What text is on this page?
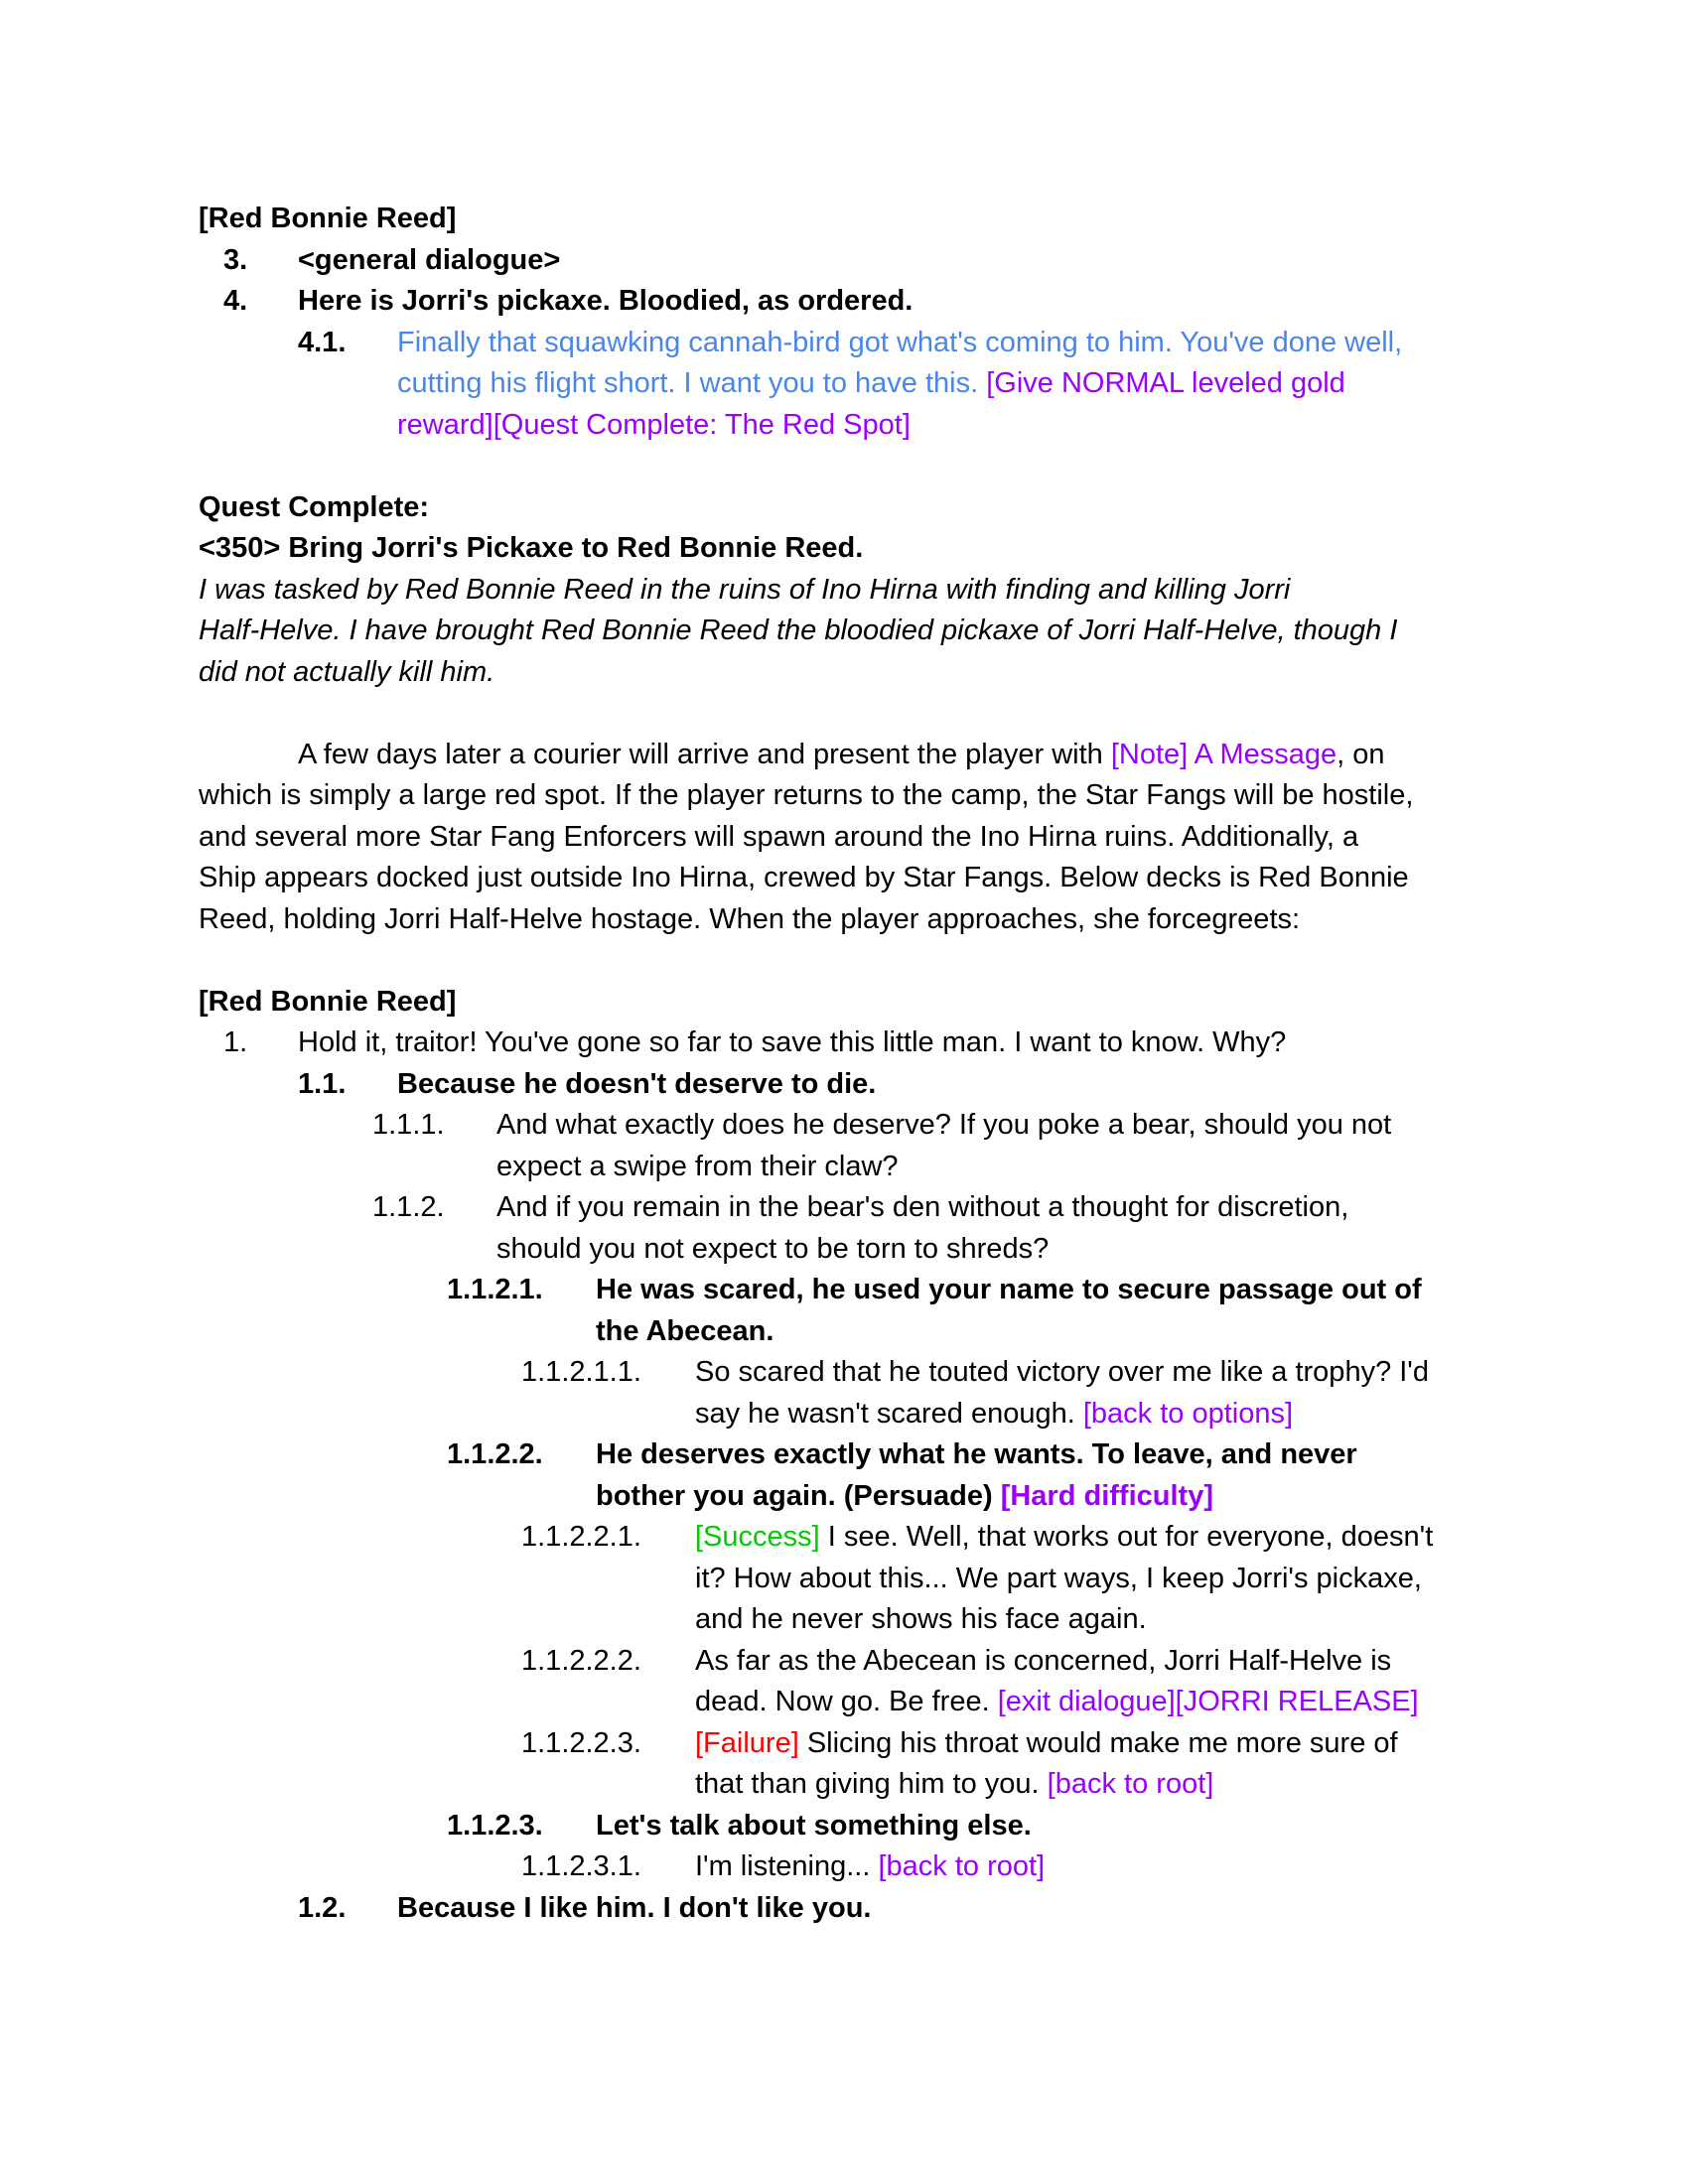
[Red Bonnie Reed]
3. <general dialogue>
4. Here is Jorri's pickaxe. Bloodied, as ordered.
4.1. Finally that squawking cannah-bird got what's coming to him. You've done well,
cutting his flight short. I want you to have this. [Give NORMAL leveled gold
reward][Quest Complete: The Red Spot]
Quest Complete:
<350> Bring Jorri's Pickaxe to Red Bonnie Reed.
I was tasked by Red Bonnie Reed in the ruins of Ino Hirna with finding and killing Jorri
Half-Helve. I have brought Red Bonnie Reed the bloodied pickaxe of Jorri Half-Helve, though I
did not actually kill him.
A few days later a courier will arrive and present the player with [Note] A Message, on
which is simply a large red spot. If the player returns to the camp, the Star Fangs will be hostile,
and several more Star Fang Enforcers will spawn around the Ino Hirna ruins. Additionally, a
Ship appears docked just outside Ino Hirna, crewed by Star Fangs. Below decks is Red Bonnie
Reed, holding Jorri Half-Helve hostage. When the player approaches, she forcegreets:
[Red Bonnie Reed]
1. Hold it, traitor! You've gone so far to save this little man. I want to know. Why?
1.1. Because he doesn't deserve to die.
1.1.1. And what exactly does he deserve? If you poke a bear, should you not
expect a swipe from their claw?
1.1.2. And if you remain in the bear's den without a thought for discretion,
should you not expect to be torn to shreds?
1.1.2.1. He was scared, he used your name to secure passage out of
the Abecean.
1.1.2.1.1. So scared that he touted victory over me like a trophy? I'd
say he wasn't scared enough. [back to options]
1.1.2.2. He deserves exactly what he wants. To leave, and never
bother you again. (Persuade) [Hard difficulty]
1.1.2.2.1. [Success] I see. Well, that works out for everyone, doesn't
it? How about this... We part ways, I keep Jorri's pickaxe,
and he never shows his face again.
1.1.2.2.2. As far as the Abecean is concerned, Jorri Half-Helve is
dead. Now go. Be free. [exit dialogue][JORRI RELEASE]
1.1.2.2.3. [Failure] Slicing his throat would make me more sure of
that than giving him to you. [back to root]
1.1.2.3. Let's talk about something else.
1.1.2.3.1. I'm listening... [back to root]
1.2. Because I like him. I don't like you.
